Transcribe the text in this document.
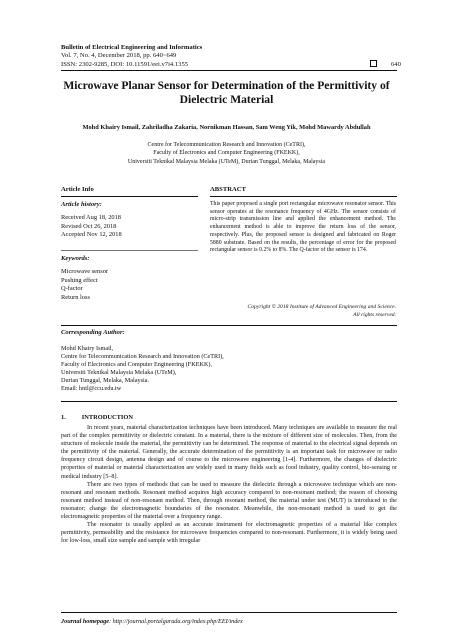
Bulletin of Electrical Engineering and Informatics
Vol. 7, No. 4, December 2018, pp. 640~649
ISSN: 2302-9285, DOI: 10.11591/eei.v7i4.1355	640
Microwave Planar Sensor for Determination of the Permittivity of Dielectric Material
Mohd Khairy Ismail, Zahriladha Zakaria, Nornikman Hassan, Sam Weng Yik, Mohd Mawardy Abdullah
Centre for Telecommunication Research and Innovation (CeTRI),
Faculty of Electronics and Computer Engineering (FKEKK),
Universiti Teknikal Malaysia Melaka (UTeM), Durian Tunggal, Melaka, Malaysia
Article Info	ABSTRACT
Article history:
Received Aug 18, 2018
Revised Oct 26, 2018
Accepted Nov 12, 2018
Keywords:
Microwave sensor
Pushing effect
Q-factor
Return loss
This paper proposed a single port rectangular microwave resonator sensor. This sensor operates at the resonance frequency of 4GHz. The sensor consists of micro-strip transmission line and applied the enhancement method. The enhancement method is able to improve the return loss of the sensor, respectively. Plus, the proposed sensor is designed and fabricated on Roger 5880 substrate. Based on the results, the percentage of error for the proposed rectangular sensor is 0.2% to 8%. The Q-factor of the sensor is 174.
Copyright © 2018 Institute of Advanced Engineering and Science.
All rights reserved.
Corresponding Author:
Mohd Khairy Ismail,
Centre for Telecommunication Research and Innovation (CeTRI),
Faculty of Electronics and Computer Engineering (FKEKK),
Universiti Teknikal Malaysia Melaka (UTeM),
Durian Tunggal, Melaka, Malaysia.
Email: hntl@ccu.edu.tw
1.	INTRODUCTION

In recent years, material characterization techniques have been introduced. Many techniques are available to measure the real part of the complex permittivity or dielectric constant. In a material, there is the mixture of different size of molecules. Then, from the structure of molecule inside the material, the permittivity can be determined. The response of material to the electrical signal depends on the permittivity of the material. Generally, the accurate determination of the permittivity is an important task for microwave or radio frequency circuit design, antenna design and of course to the microwave engineering [1-4]. Furthermore, the changes of dielectric properties of material or material characterization are widely used in many fields such as food industry, quality control, bio-sensing or medical industry [5–8].

There are two types of methods that can be used to measure the dielectric through a microwave technique which are non-resonant and resonant methods. Resonant method acquires high accuracy compared to non-resonant method; the reason of choosing resonant method instead of non-resonant method. Then, through resonant method, the material under test (MUT) is introduced to the resonator; change the electromagnetic boundaries of the resonator. Meanwhile, the non-resonant method is used to get the electromagnetic properties of the material over a frequency range.

The resonator is usually applied as an accurate instrument for electromagnetic properties of a material like complex permittivity, permeability and the resistance for microwave frequencies compared to non-resonant. Furthermore, it is widely being used for low-loss, small size sample and sample with irregular

Journal homepage: http://journal.portalgaruda.org/index.php/EEI/index
